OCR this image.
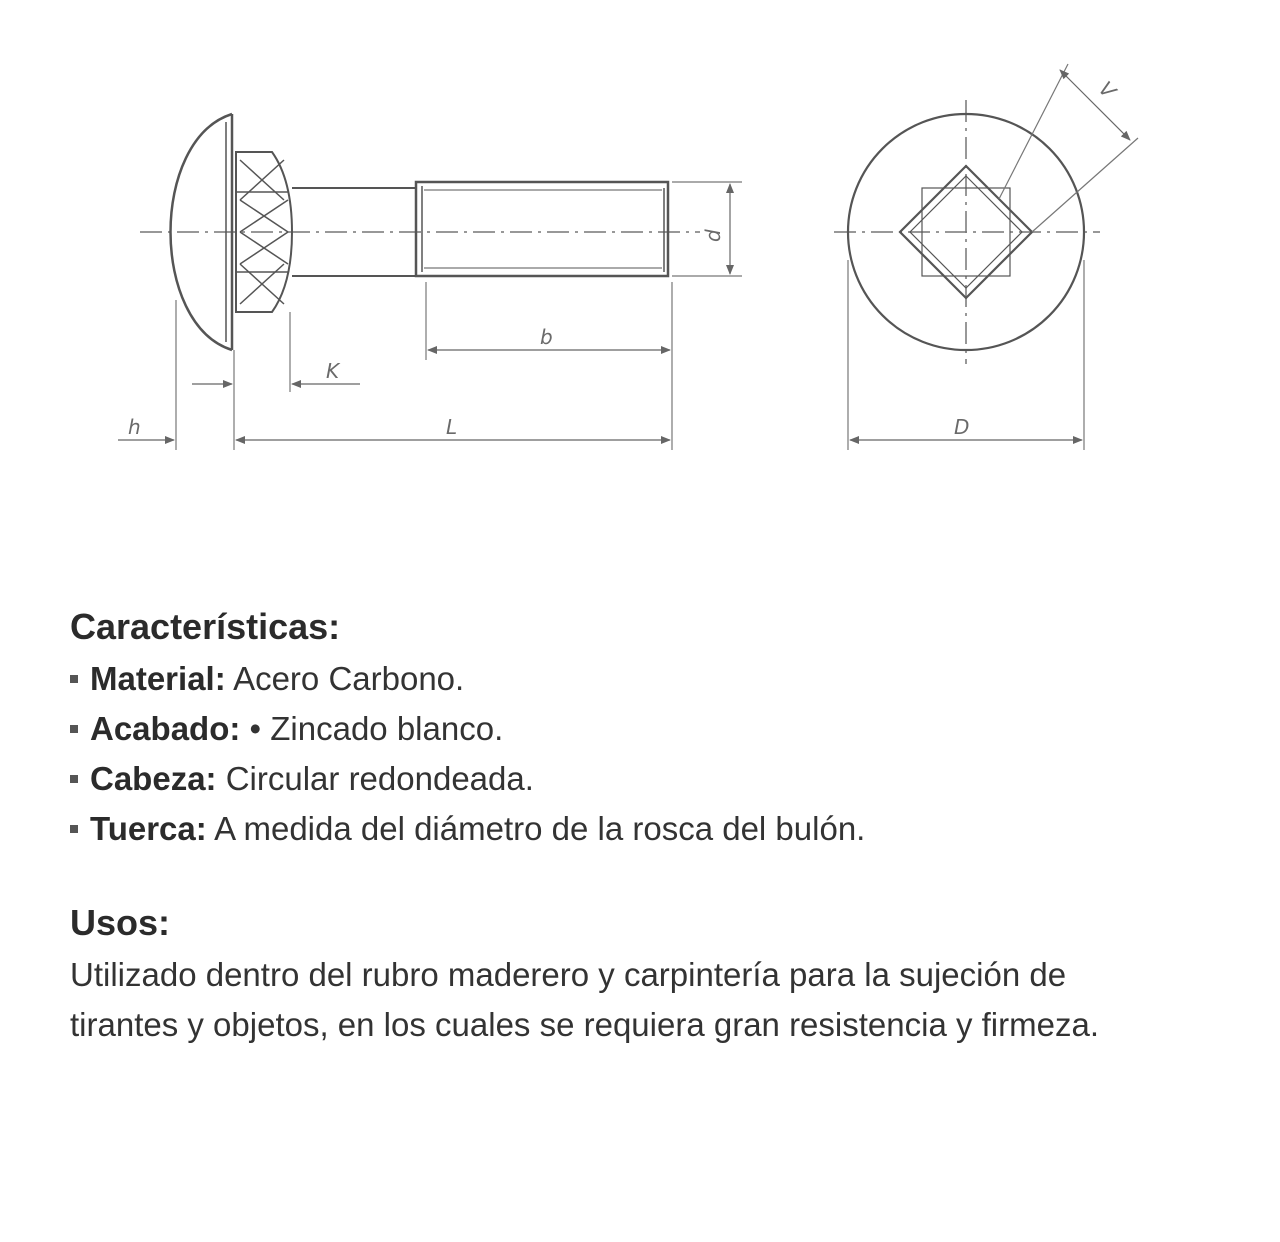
h
K
L
b
d
V
D
Características:
Material: Acero Carbono.
Acabado: • Zincado blanco.
Cabeza: Circular redondeada.
Tuerca: A medida del diámetro de la rosca del bulón.
Usos:

Utilizado dentro del rubro maderero y carpintería para la sujeción de tirantes y objetos, en los cuales se requiera gran resistencia y firmeza.
